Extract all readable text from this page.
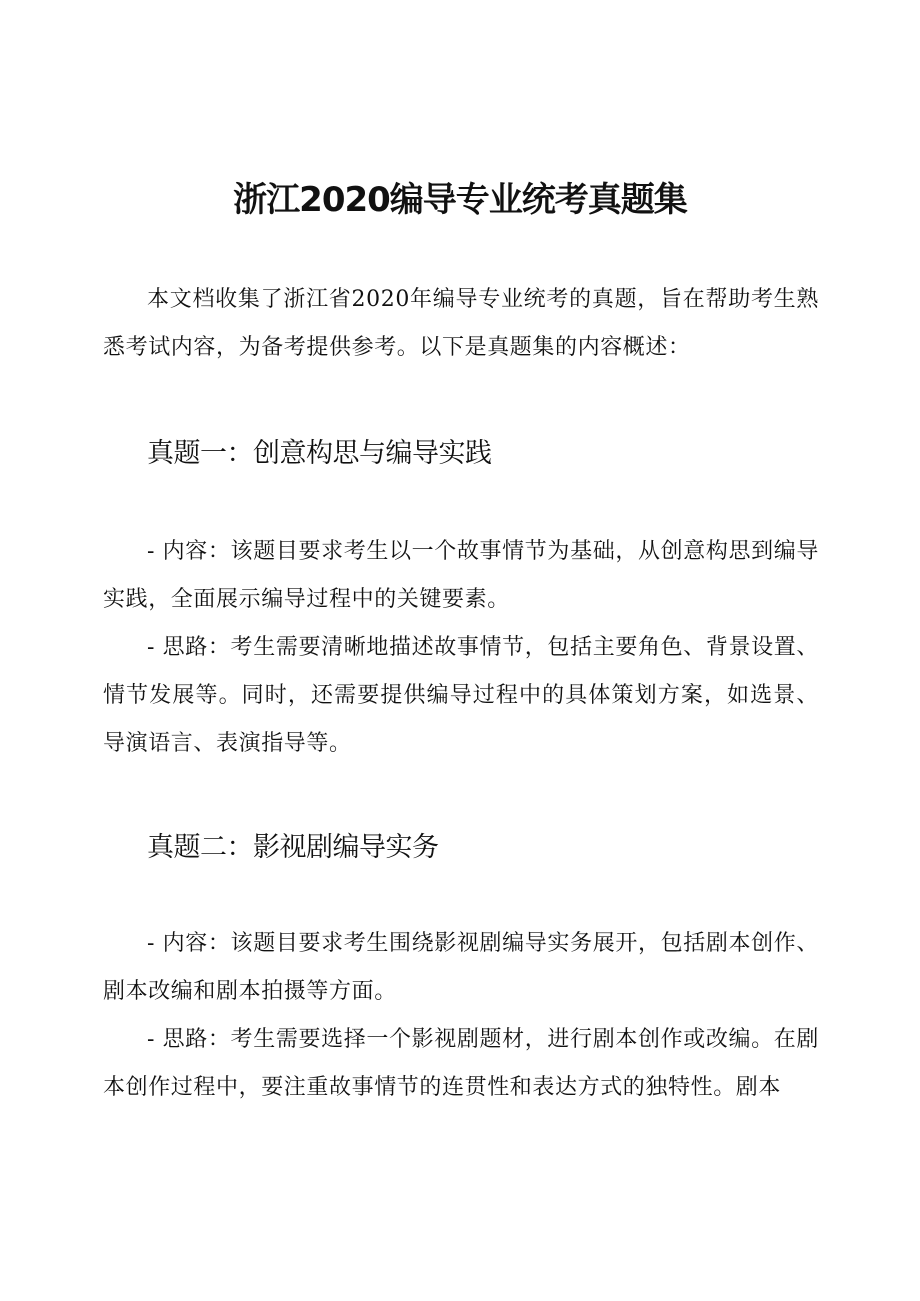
浙江2020编导专业统考真题集

本文档收集了浙江省2020年编导专业统考的真题，旨在帮助考生熟悉考试内容，为备考提供参考。以下是真题集的内容概述：

真题一：创意构思与编导实践

- 内容：该题目要求考生以一个故事情节为基础，从创意构思到编导实践，全面展示编导过程中的关键要素。

- 思路：考生需要清晰地描述故事情节，包括主要角色、背景设置、情节发展等。同时，还需要提供编导过程中的具体策划方案，如选景、导演语言、表演指导等。

真题二：影视剧编导实务

- 内容：该题目要求考生围绕影视剧编导实务展开，包括剧本创作、剧本改编和剧本拍摄等方面。

- 思路：考生需要选择一个影视剧题材，进行剧本创作或改编。在剧本创作过程中，要注重故事情节的连贯性和表达方式的独特性。剧本
